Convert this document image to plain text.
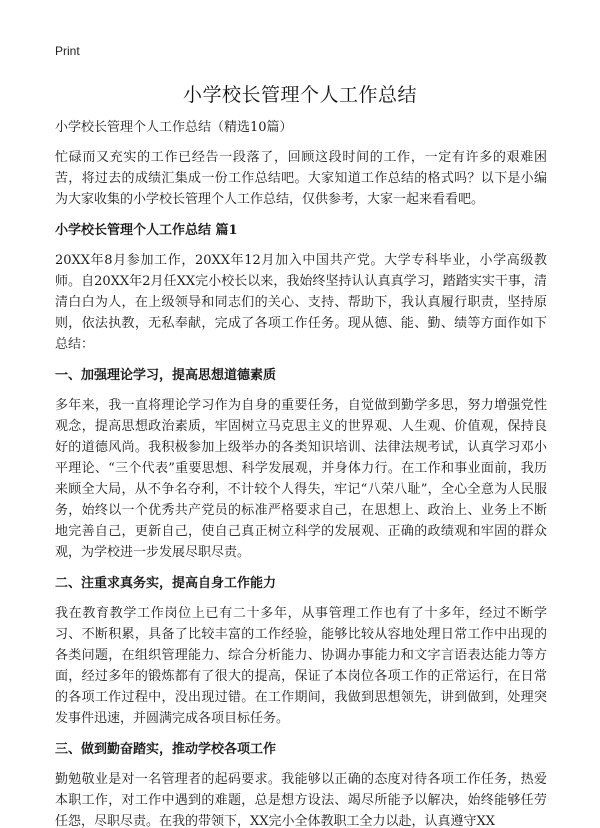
Print
小学校长管理个人工作总结

小学校长管理个人工作总结（精选10篇）

忙碌而又充实的工作已经告一段落了，回顾这段时间的工作，一定有许多的艰难困苦，将过去的成绩汇集成一份工作总结吧。大家知道工作总结的格式吗？以下是小编为大家收集的小学校长管理个人工作总结，仅供参考，大家一起来看看吧。

小学校长管理个人工作总结 篇1

20XX年8月参加工作，20XX年12月加入中国共产党。大学专科毕业，小学高级教师。自20XX年2月任XX完小校长以来，我始终坚持认认真真学习，踏踏实实干事，清清白白为人，在上级领导和同志们的关心、支持、帮助下，我认真履行职责，坚持原则，依法执教，无私奉献，完成了各项工作任务。现从德、能、勤、绩等方面作如下总结：

一、加强理论学习，提高思想道德素质

多年来，我一直将理论学习作为自身的重要任务，自觉做到勤学多思，努力增强党性观念，提高思想政治素质，牢固树立马克思主义的世界观、人生观、价值观，保持良好的道德风尚。我积极参加上级举办的各类知识培训、法律法规考试，认真学习邓小平理论、“三个代表”重要思想、科学发展观，并身体力行。在工作和事业面前，我历来顾全大局，从不争名夺利，不计较个人得失，牢记“八荣八耻”，全心全意为人民服务，始终以一个优秀共产党员的标准严格要求自己，在思想上、政治上、业务上不断地完善自己，更新自己，使自己真正树立科学的发展观、正确的政绩观和牢固的群众观，为学校进一步发展尽职尽责。

二、注重求真务实，提高自身工作能力

我在教育教学工作岗位上已有二十多年，从事管理工作也有了十多年，经过不断学习、不断积累，具备了比较丰富的工作经验，能够比较从容地处理日常工作中出现的各类问题，在组织管理能力、综合分析能力、协调办事能力和文字言语表达能力等方面，经过多年的锻炼都有了很大的提高，保证了本岗位各项工作的正常运行，在日常的各项工作过程中，没出现过错。在工作期间，我做到思想领先，讲到做到，处理突发事件迅速，并圆满完成各项目标任务。

三、做到勤奋踏实，推动学校各项工作

勤勉敬业是对一名管理者的起码要求。我能够以正确的态度对待各项工作任务，热爱本职工作，对工作中遇到的难题，总是想方设法、竭尽所能予以解决，始终能够任劳任怨，尽职尽责。在我的带领下，XX完小全体教职工全力以赴，认真遵守XX
